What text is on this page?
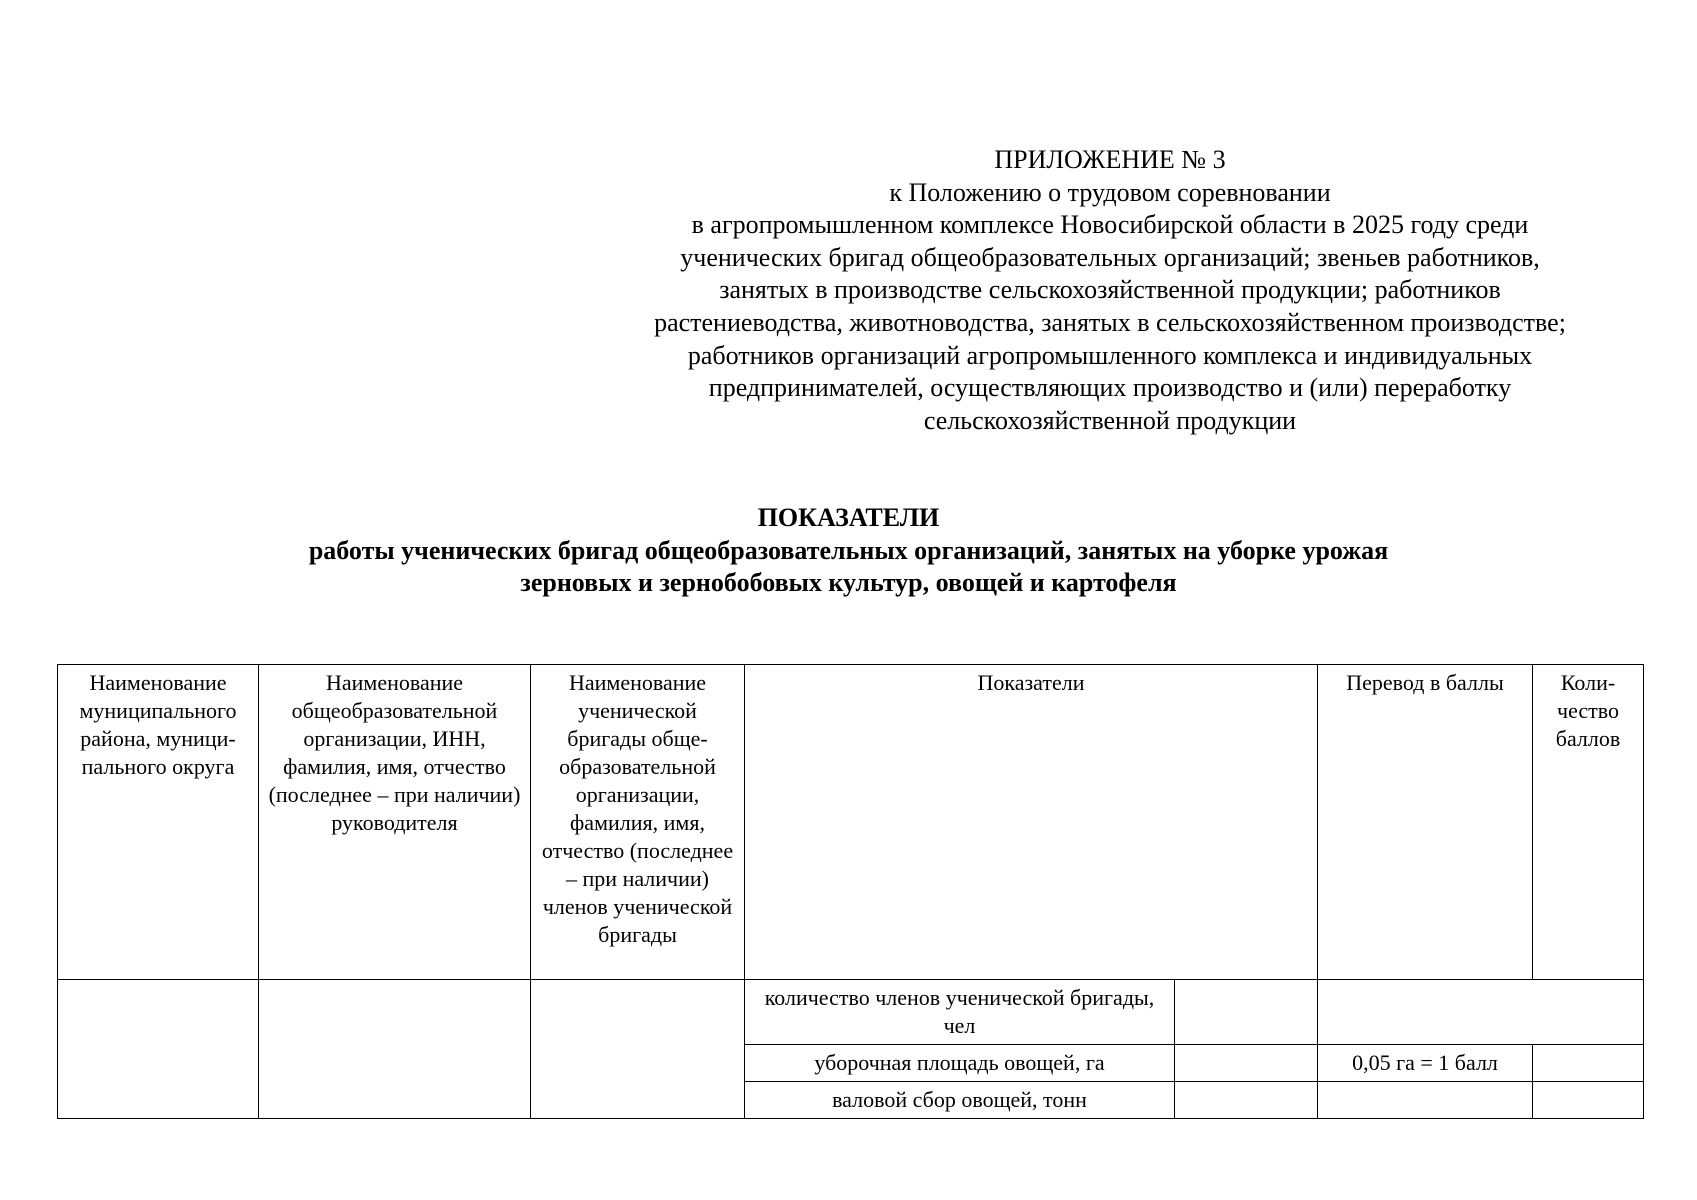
ПРИЛОЖЕНИЕ № 3
к Положению о трудовом соревновании
в агропромышленном комплексе Новосибирской области в 2025 году среди
ученических бригад общеобразовательных организаций; звеньев работников,
занятых в производстве сельскохозяйственной продукции; работников
растениеводства, животноводства, занятых в сельскохозяйственном производстве;
работников организаций агропромышленного комплекса и индивидуальных
предпринимателей, осуществляющих производство и (или) переработку
сельскохозяйственной продукции
ПОКАЗАТЕЛИ
работы ученических бригад общеобразовательных организаций, занятых на уборке урожая
зерновых и зернобобовых культур, овощей и картофеля
Наименование муниципального района, муници-пального округа	Наименование общеобразовательной организации, ИНН, фамилия, имя, отчество (последнее – при наличии) руководителя	Наименование ученической бригады обще-образовательной организации, фамилия, имя, отчество (последнее – при наличии) членов ученической бригады	Показатели		Перевод в баллы	Коли-чество баллов
			количество членов ученической бригады, чел			
			уборочная площадь овощей, га		0,05 га = 1 балл	
			валовой сбор овощей, тонн			
